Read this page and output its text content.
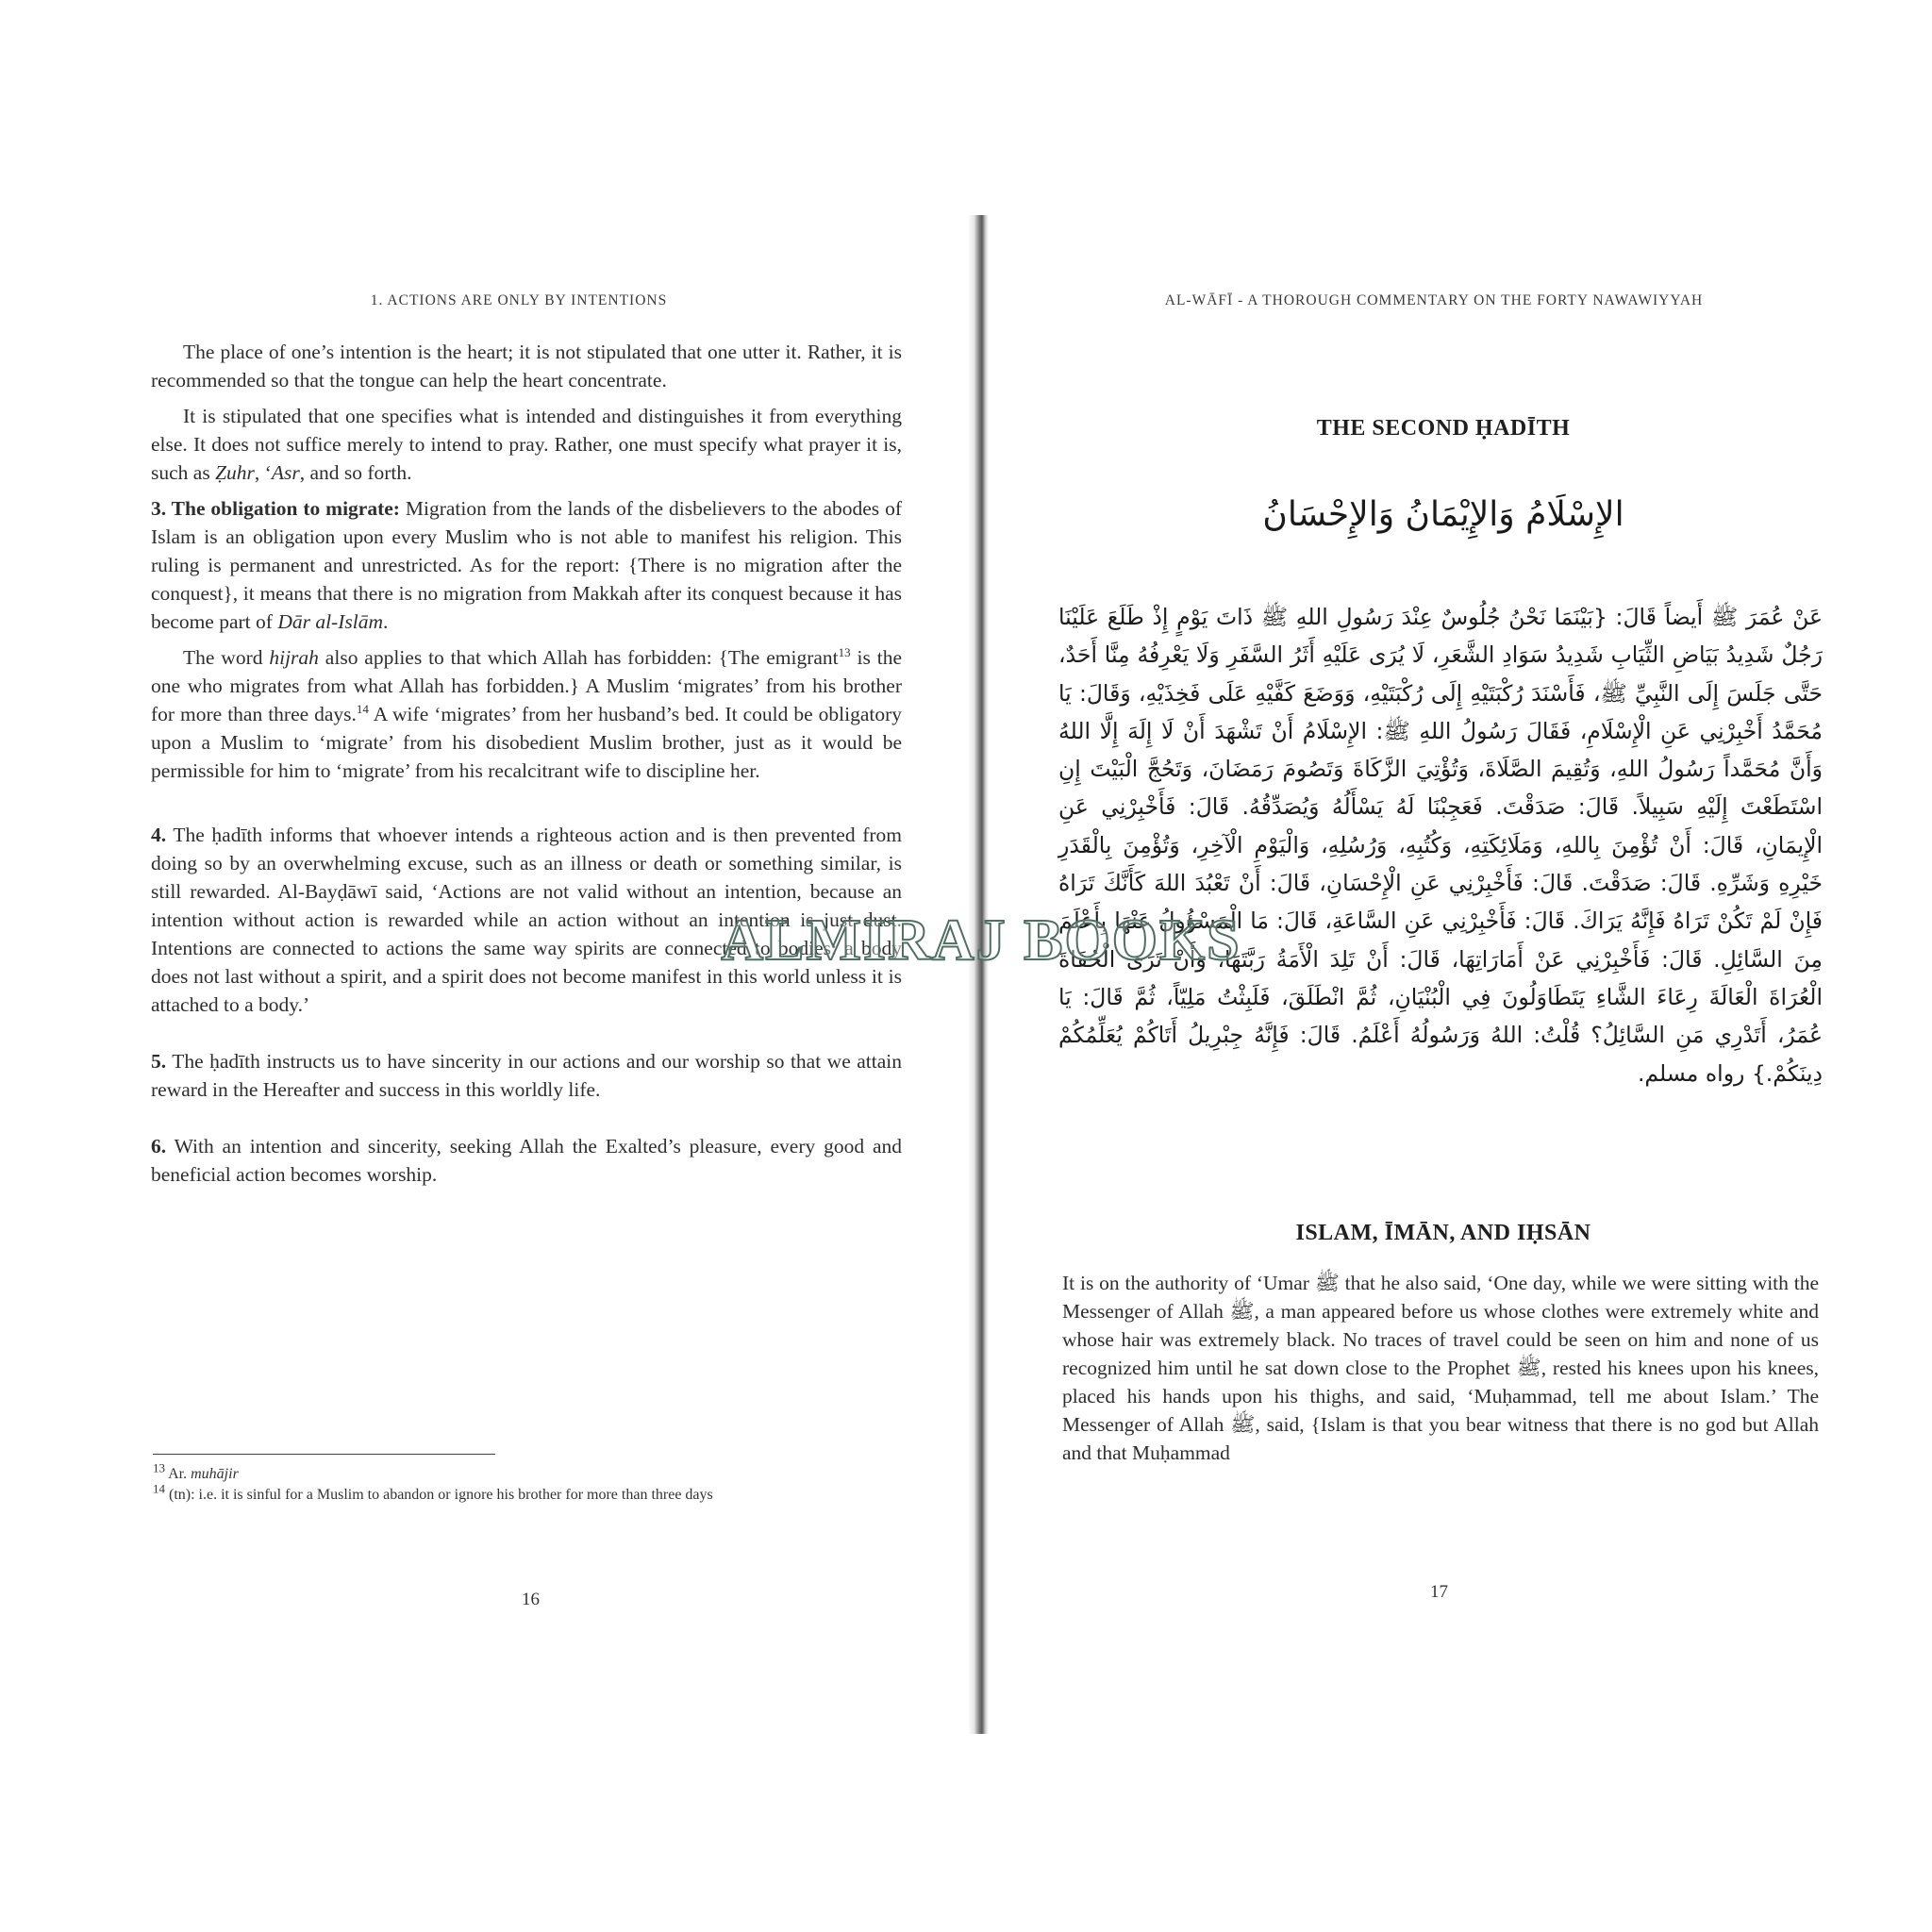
1. ACTIONS ARE ONLY BY INTENTIONS

The place of one’s intention is the heart; it is not stipulated that one utter it. Rather, it is recommended so that the tongue can help the heart concentrate.

It is stipulated that one specifies what is intended and distinguishes it from everything else. It does not suffice merely to intend to pray. Rather, one must specify what prayer it is, such as Ẓuhr, ‘Asr, and so forth.

3. The obligation to migrate: Migration from the lands of the disbelievers to the abodes of Islam is an obligation upon every Muslim who is not able to manifest his religion. This ruling is permanent and unrestricted. As for the report: {There is no migration after the conquest}, it means that there is no migration from Makkah after its conquest because it has become part of Dār al-Islām.

The word hijrah also applies to that which Allah has forbidden: {The emigrant$^{13}$ is the one who migrates from what Allah has forbidden.} A Muslim ‘migrates’ from his brother for more than three days.$^{14}$ A wife ‘migrates’ from her husband’s bed. It could be obligatory upon a Muslim to ‘migrate’ from his disobedient Muslim brother, just as it would be permissible for him to ‘migrate’ from his recalcitrant wife to discipline her.

4. The ḥadīth informs that whoever intends a righteous action and is then prevented from doing so by an overwhelming excuse, such as an illness or death or something similar, is still rewarded. Al-Bayḍāwī said, ‘Actions are not valid without an intention, because an intention without action is rewarded while an action without an intention is just dust. Intentions are connected to actions the same way spirits are connected to bodies: a body does not last without a spirit, and a spirit does not become manifest in this world unless it is attached to a body.’

5. The ḥadīth instructs us to have sincerity in our actions and our worship so that we attain reward in the Hereafter and success in this worldly life.

6. With an intention and sincerity, seeking Allah the Exalted’s pleasure, every good and beneficial action becomes worship.

$^{13}$ Ar. muhājir
$^{14}$ (tn): i.e. it is sinful for a Muslim to abandon or ignore his brother for more than three days
16
AL-WĀFĪ - A THOROUGH COMMENTARY ON THE FORTY NAWAWIYYAH
THE SECOND ḤADĪTH
الإِسْلَامُ وَالإِيْمَانُ وَالإِحْسَانُ
عَنْ عُمَرَ ﷺ أَيضاً قَالَ: {بَيْنَمَا نَحْنُ جُلُوسٌ عِنْدَ رَسُولِ اللهِ ﷺ ذَاتَ يَوْمٍ إِذْ طَلَعَ عَلَيْنَا رَجُلٌ شَدِيدُ بَيَاضِ الثِّيَابِ شَدِيدُ سَوَادِ الشَّعَرِ، لَا يُرَى عَلَيْهِ أَثَرُ السَّفَرِ وَلَا يَعْرِفُهُ مِنَّا أَحَدٌ، حَتَّى جَلَسَ إِلَى النَّبِيِّ ﷺ، فَأَسْنَدَ رُكْبَتَيْهِ إِلَى رُكْبَتَيْهِ، وَوَضَعَ كَفَّيْهِ عَلَى فَخِذَيْهِ، وَقَالَ: يَا مُحَمَّدُ أَخْبِرْنِي عَنِ الْإِسْلَامِ، فَقَالَ رَسُولُ اللهِ ﷺ: الإِسْلَامُ أَنْ تَشْهَدَ أَنْ لَا إِلَهَ إِلَّا اللهُ وَأَنَّ مُحَمَّداً رَسُولُ اللهِ، وَتُقِيمَ الصَّلَاةَ، وَتُؤْتِيَ الزَّكَاةَ وَتَصُومَ رَمَضَانَ، وَتَحُجَّ الْبَيْتَ إِنِ اسْتَطَعْتَ إِلَيْهِ سَبِيلاً. قَالَ: صَدَقْتَ. فَعَجِبْنَا لَهُ يَسْأَلُهُ وَيُصَدِّقُهُ. قَالَ: فَأَخْبِرْنِي عَنِ الْإِيمَانِ، قَالَ: أَنْ تُؤْمِنَ بِاللهِ، وَمَلَائِكَتِهِ، وَكُتُبِهِ، وَرُسُلِهِ، وَالْيَوْمِ الْآخِرِ، وَتُؤْمِنَ بِالْقَدَرِ خَيْرِهِ وَشَرِّهِ. قَالَ: صَدَقْتَ. قَالَ: فَأَخْبِرْنِي عَنِ الْإِحْسَانِ، قَالَ: أَنْ تَعْبُدَ اللهَ كَأَنَّكَ تَرَاهُ فَإِنْ لَمْ تَكُنْ تَرَاهُ فَإِنَّهُ يَرَاكَ. قَالَ: فَأَخْبِرْنِي عَنِ السَّاعَةِ، قَالَ: مَا الْمَسْؤُولُ عَنْهَا بِأَعْلَمَ مِنَ السَّائِلِ. قَالَ: فَأَخْبِرْنِي عَنْ أَمَارَاتِهَا، قَالَ: أَنْ تَلِدَ الْأَمَةُ رَبَّتَهَا، وَأَنْ تَرَى الْحُفَاةَ الْعُرَاةَ الْعَالَةَ رِعَاءَ الشَّاءِ يَتَطَاوَلُونَ فِي الْبُنْيَانِ، ثُمَّ انْطَلَقَ، فَلَبِثْتُ مَلِيّاً، ثُمَّ قَالَ: يَا عُمَرُ، أَتَدْرِي مَنِ السَّائِلُ؟ قُلْتُ: اللهُ وَرَسُولُهُ أَعْلَمُ. قَالَ: فَإِنَّهُ جِبْرِيلُ أَتَاكُمْ يُعَلِّمُكُمْ دِينَكُمْ.} رواه مسلم.
ISLAM, ĪMĀN, AND IḤSĀN

It is on the authority of ‘Umar ﷺ that he also said, ‘One day, while we were sitting with the Messenger of Allah ﷺ, a man appeared before us whose clothes were extremely white and whose hair was extremely black. No traces of travel could be seen on him and none of us recognized him until he sat down close to the Prophet ﷺ, rested his knees upon his knees, placed his hands upon his thighs, and said, ‘Muḥammad, tell me about Islam.’ The Messenger of Allah ﷺ, said, {Islam is that you bear witness that there is no god but Allah and that Muḥammad

17
ALMIRAJ BOOKS
